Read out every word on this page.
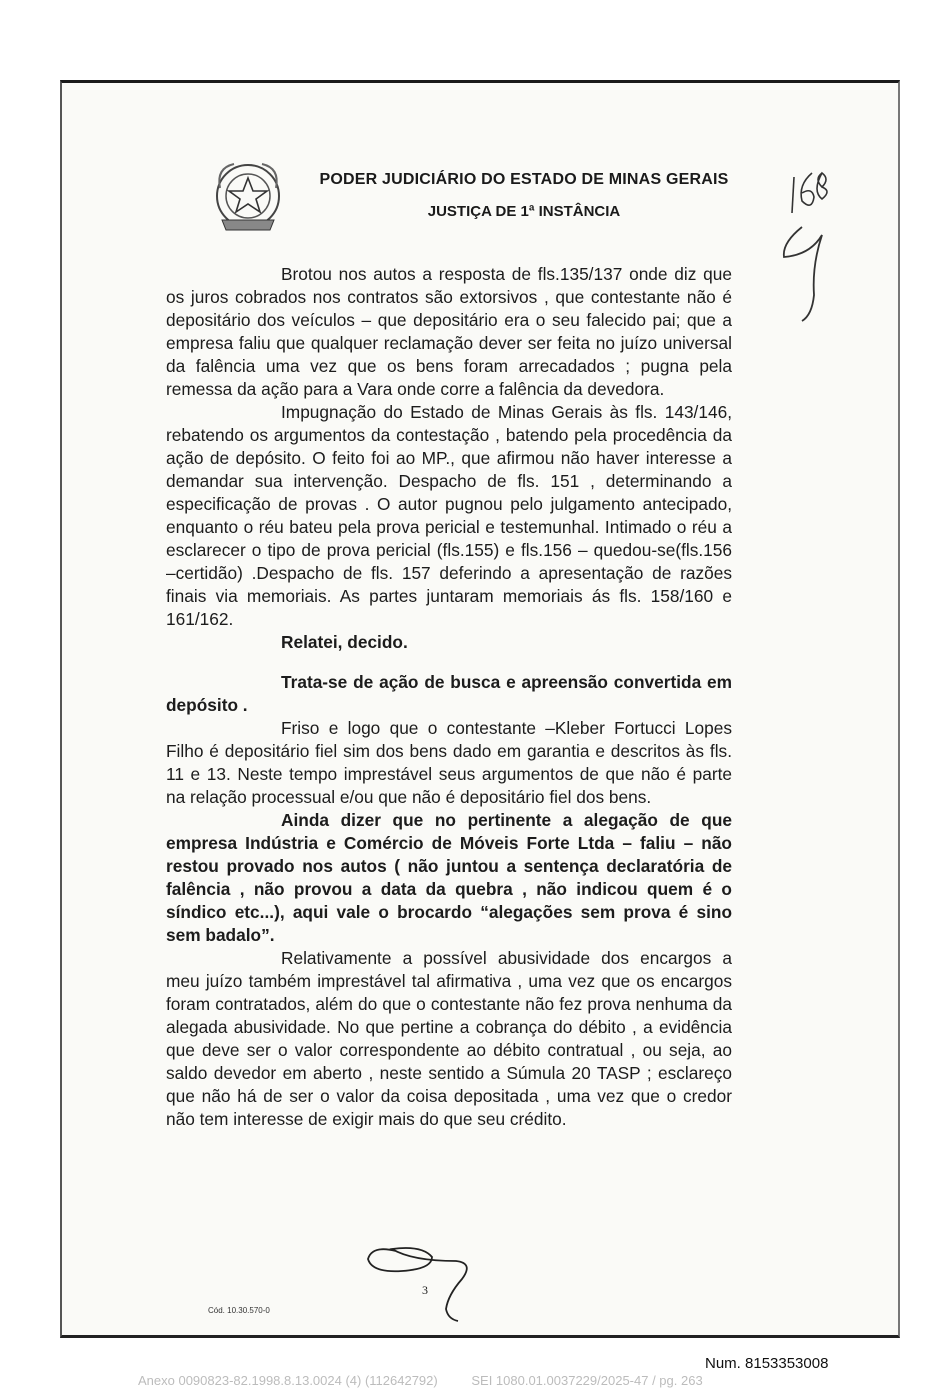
PODER JUDICIÁRIO DO ESTADO DE MINAS GERAIS
JUSTIÇA DE 1ª INSTÂNCIA

Brotou nos autos a resposta de fls.135/137 onde diz que os juros cobrados nos contratos são extorsivos , que contestante não é depositário dos veículos – que depositário era o seu falecido pai; que a empresa faliu que qualquer reclamação dever ser feita no juízo universal da falência uma vez que os bens foram arrecadados ; pugna pela remessa da ação para a Vara onde corre a falência da devedora.

Impugnação do Estado de Minas Gerais às fls. 143/146, rebatendo os argumentos da contestação , batendo pela procedência da ação de depósito. O feito foi ao MP., que afirmou não haver interesse a demandar sua intervenção. Despacho de fls. 151 , determinando a especificação de provas . O autor pugnou pelo julgamento antecipado, enquanto o réu bateu pela prova pericial e testemunhal. Intimado o réu a esclarecer o tipo de prova pericial (fls.155) e fls.156 – quedou-se(fls.156 –certidão) .Despacho de fls. 157 deferindo a apresentação de razões finais via memoriais. As partes juntaram memoriais ás fls. 158/160 e 161/162.

Relatei, decido.

Trata-se de ação de busca e apreensão convertida em depósito .

Friso e logo que o contestante –Kleber Fortucci Lopes Filho é depositário fiel sim dos bens dado em garantia e descritos às fls. 11 e 13. Neste tempo imprestável seus argumentos de que não é parte na relação processual e/ou que não é depositário fiel dos bens.

Ainda dizer que no pertinente a alegação de que empresa Indústria e Comércio de Móveis Forte Ltda – faliu – não restou provado nos autos ( não juntou a sentença declaratória de falência , não provou a data da quebra , não indicou quem é o síndico etc...), aqui vale o brocardo “alegações sem prova é sino sem badalo”.

Relativamente a possível abusividade dos encargos a meu juízo também imprestável tal afirmativa , uma vez que os encargos foram contratados, além do que o contestante não fez prova nenhuma da alegada abusividade. No que pertine a cobrança do débito , a evidência que deve ser o valor correspondente ao débito contratual , ou seja, ao saldo devedor em aberto , neste sentido a Súmula 20 TASP ; esclareço que não há de ser o valor da coisa depositada , uma vez que o credor não tem interesse de exigir mais do que seu crédito.

3
Cód. 10.30.570-0
Num. 8153353008
Anexo 0090823-82.1998.8.13.0024 (4) (112642792)	SEI 1080.01.0037229/2025-47 / pg. 263
